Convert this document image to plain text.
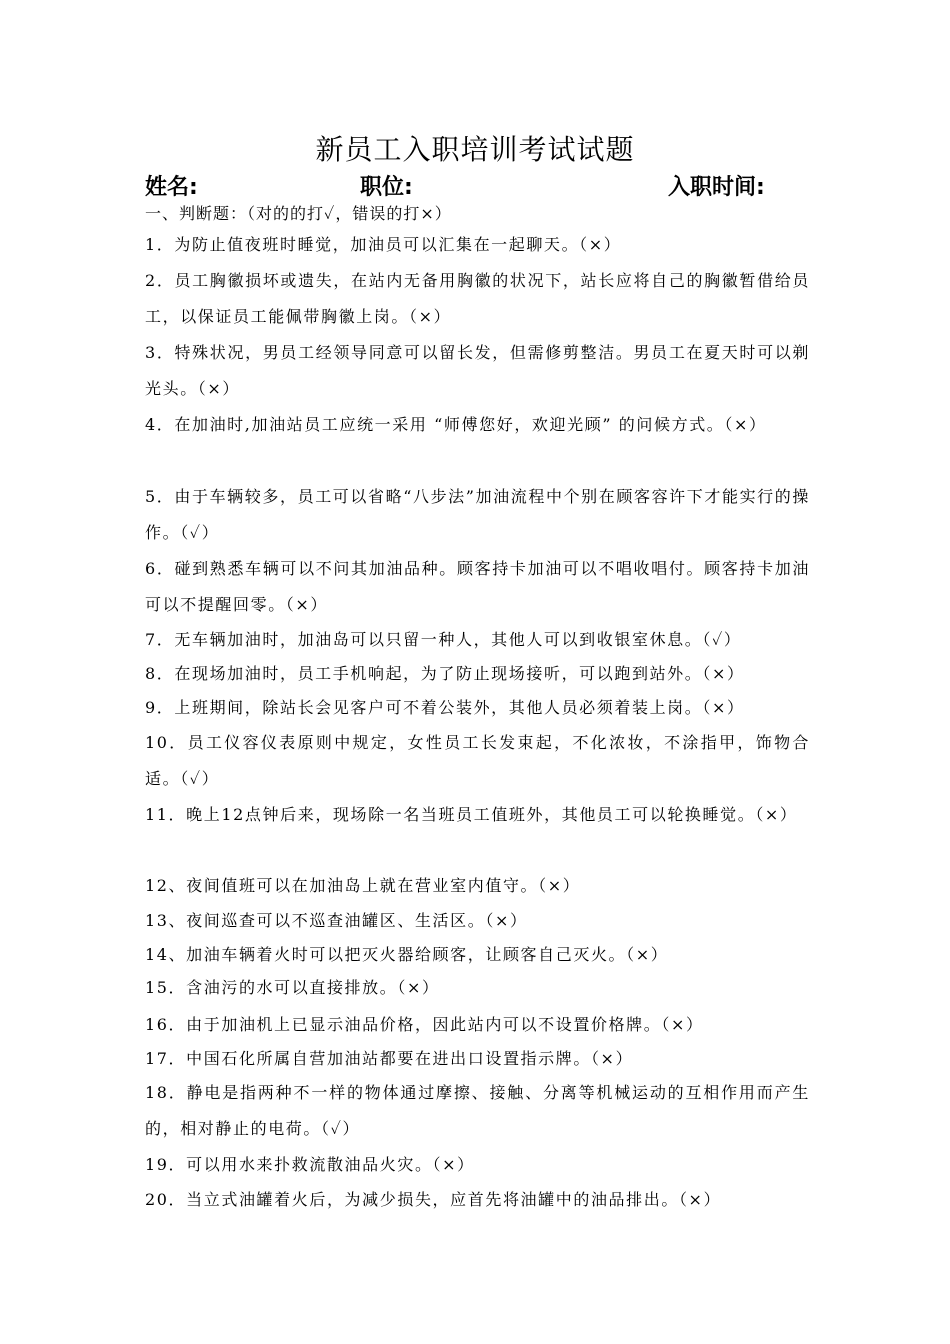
新员工入职培训考试试题
姓名:	职位:	入职时间:
一、判断题：（对的的打✓，错误的打×）
1．为防止值夜班时睡觉，加油员可以汇集在一起聊天。（×）
2．员工胸徽损坏或遗失，在站内无备用胸徽的状况下，站长应将自己的胸徽暂借给员工，以保证员工能佩带胸徽上岗。（×）
3．特殊状况，男员工经领导同意可以留长发，但需修剪整洁。男员工在夏天时可以剃光头。（×）
4．在加油时,加油站员工应统一采用 “师傅您好，欢迎光顾” 的问候方式。（×）
5．由于车辆较多，员工可以省略“八步法”加油流程中个别在顾客容许下才能实行的操作。（✓）
6．碰到熟悉车辆可以不问其加油品种。顾客持卡加油可以不唱收唱付。顾客持卡加油可以不提醒回零。（×）
7．无车辆加油时，加油岛可以只留一种人，其他人可以到收银室休息。（✓）
8．在现场加油时，员工手机响起，为了防止现场接听，可以跑到站外。（×）
9．上班期间，除站长会见客户可不着公装外，其他人员必须着装上岗。（×）
10．员工仪容仪表原则中规定，女性员工长发束起，不化浓妆，不涂指甲，饰物合适。（✓）
11．晚上12点钟后来，现场除一名当班员工值班外，其他员工可以轮换睡觉。（×）
12、夜间值班可以在加油岛上就在营业室内值守。（×）
13、夜间巡查可以不巡查油罐区、生活区。（×）
14、加油车辆着火时可以把灭火器给顾客，让顾客自己灭火。（×）
15．含油污的水可以直接排放。（×）
16．由于加油机上已显示油品价格，因此站内可以不设置价格牌。（×）
17．中国石化所属自营加油站都要在进出口设置指示牌。（×）
18．静电是指两种不一样的物体通过摩擦、接触、分离等机械运动的互相作用而产生的，相对静止的电荷。（✓）
19．可以用水来扑救流散油品火灾。（×）
20．当立式油罐着火后，为减少损失，应首先将油罐中的油品排出。（×）
